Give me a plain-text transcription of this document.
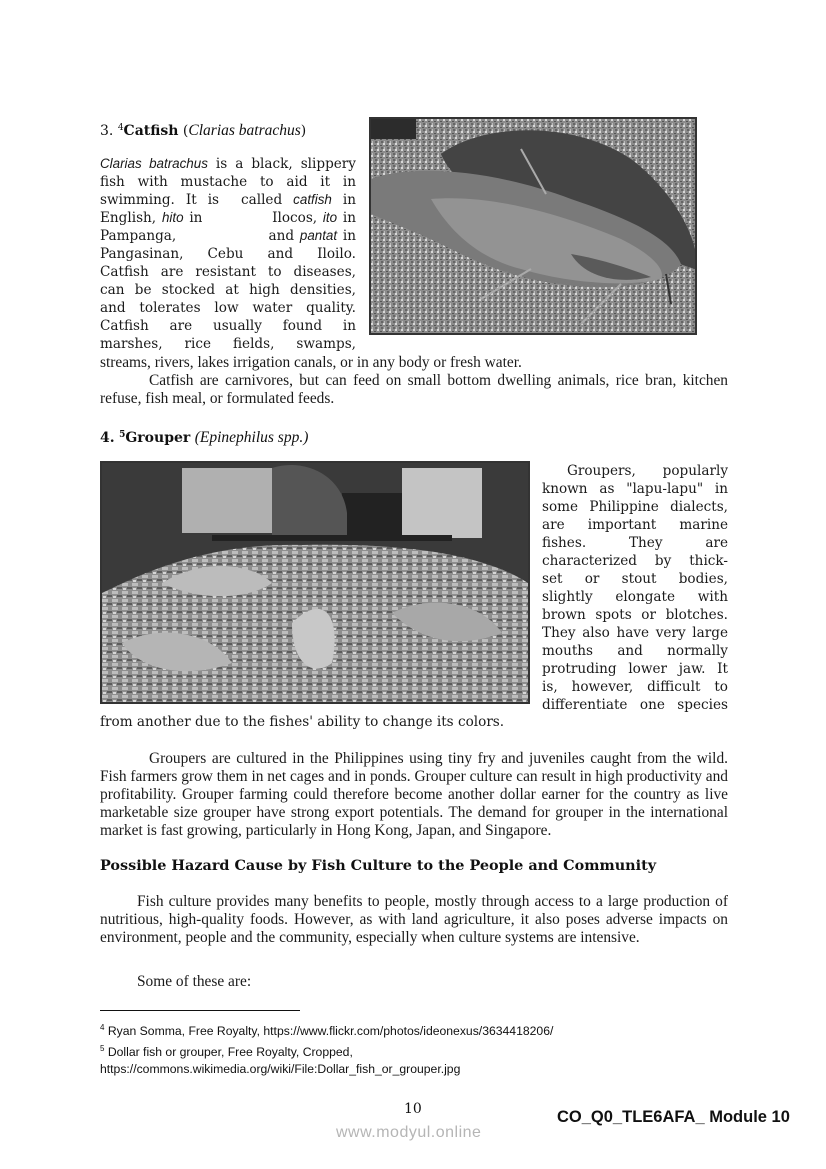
3. $^4$Catfish (Clarias batrachus)
Clarias batrachus is a black, slippery
fish with mustache to aid it in
swimming. It is  called catfish in
English, hito in            Ilocos, ito in
Pampanga,                and pantat in
Pangasinan, Cebu and Iloilo.
Catfish are resistant to diseases,
can be stocked at high densities,
and tolerates low water quality.
Catfish are usually found in
marshes, rice fields, swamps,
streams, rivers, lakes irrigation canals, or in any body or fresh water.
Catfish are carnivores, but can feed on small bottom dwelling animals, rice bran, kitchen refuse, fish meal, or formulated feeds.
4. $^5$Grouper (Epinephilus spp.)
Groupers, popularly
known as "lapu-lapu" in
some Philippine dialects,
are important marine
fishes. They are
characterized by thick-
set or stout bodies,
slightly elongate with
brown spots or blotches.
They also have very large
mouths and normally
protruding lower jaw. It
is, however, difficult to
differentiate one species
from another due to the fishes' ability to change its colors.
Groupers are cultured in the Philippines using tiny fry and juveniles caught from the wild. Fish farmers grow them in net cages and in ponds. Grouper culture can result in high productivity and profitability. Grouper farming could therefore become another dollar earner for the country as live marketable size grouper have strong export potentials. The demand for grouper in the international market is fast growing, particularly in Hong Kong, Japan, and Singapore.
Possible Hazard Cause by Fish Culture to the People and Community
Fish culture provides many benefits to people, mostly through access to a large production of nutritious, high-quality foods. However, as with land agriculture, it also poses adverse impacts on environment, people and the community, especially when culture systems are intensive.
Some of these are:
$^4$ Ryan Somma, Free Royalty, https://www.flickr.com/photos/ideonexus/3634418206/
$^5$ Dollar fish or grouper, Free Royalty, Cropped,
https://commons.wikimedia.org/wiki/File:Dollar_fish_or_grouper.jpg
10	CO_Q0_TLE6AFA_ Module 10
www.modyul.online
